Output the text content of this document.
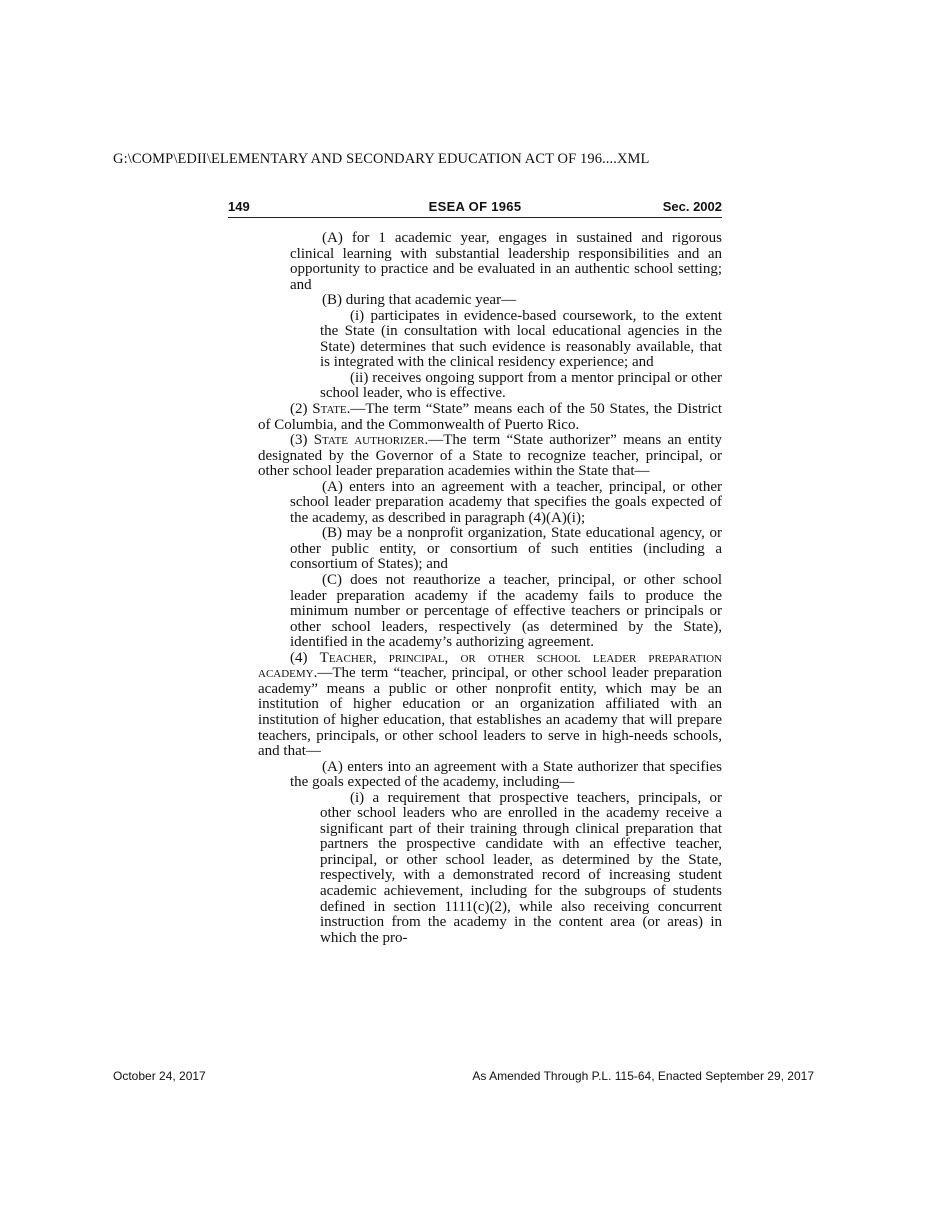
G:\COMP\EDII\ELEMENTARY AND SECONDARY EDUCATION ACT OF 196....XML
149	ESEA OF 1965	Sec. 2002

(A) for 1 academic year, engages in sustained and rigorous clinical learning with substantial leadership responsibilities and an opportunity to practice and be evaluated in an authentic school setting; and

(B) during that academic year—

(i) participates in evidence-based coursework, to the extent the State (in consultation with local educational agencies in the State) determines that such evidence is reasonably available, that is integrated with the clinical residency experience; and

(ii) receives ongoing support from a mentor principal or other school leader, who is effective.

(2) State.—The term “State” means each of the 50 States, the District of Columbia, and the Commonwealth of Puerto Rico.

(3) State authorizer.—The term “State authorizer” means an entity designated by the Governor of a State to recognize teacher, principal, or other school leader preparation academies within the State that—

(A) enters into an agreement with a teacher, principal, or other school leader preparation academy that specifies the goals expected of the academy, as described in paragraph (4)(A)(i);

(B) may be a nonprofit organization, State educational agency, or other public entity, or consortium of such entities (including a consortium of States); and

(C) does not reauthorize a teacher, principal, or other school leader preparation academy if the academy fails to produce the minimum number or percentage of effective teachers or principals or other school leaders, respectively (as determined by the State), identified in the academy’s authorizing agreement.

(4) Teacher, principal, or other school leader preparation academy.—The term “teacher, principal, or other school leader preparation academy” means a public or other nonprofit entity, which may be an institution of higher education or an organization affiliated with an institution of higher education, that establishes an academy that will prepare teachers, principals, or other school leaders to serve in high-needs schools, and that—

(A) enters into an agreement with a State authorizer that specifies the goals expected of the academy, including—

(i) a requirement that prospective teachers, principals, or other school leaders who are enrolled in the academy receive a significant part of their training through clinical preparation that partners the prospective candidate with an effective teacher, principal, or other school leader, as determined by the State, respectively, with a demonstrated record of increasing student academic achievement, including for the subgroups of students defined in section 1111(c)(2), while also receiving concurrent instruction from the academy in the content area (or areas) in which the pro-

October 24, 2017	As Amended Through P.L. 115-64, Enacted September 29, 2017
